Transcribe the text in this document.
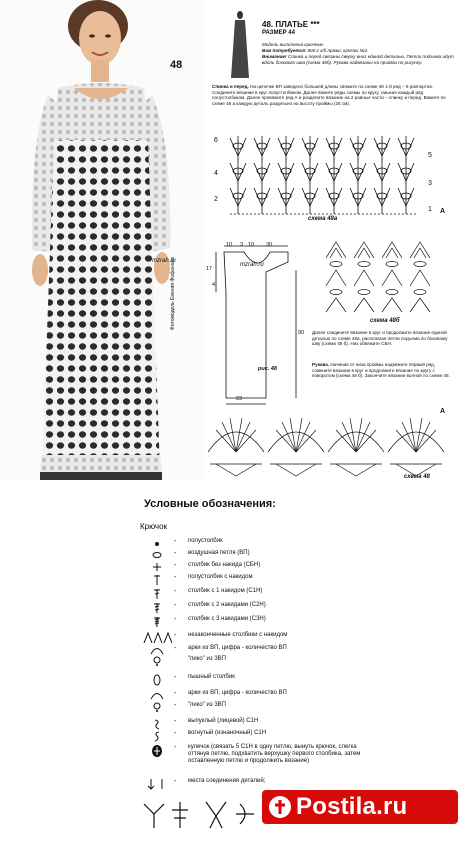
48
mzrah.ru
Фотомодель Евения Фофанова
48. ПЛАТЬЕ ***
РАЗМЕР 44
Модель выполнена крючком.
Вам потребуется: 800 г x/б пряжи; крючок №2.
Внимание! Спинка и перед связаны сверху вниз единой деталью. Петли подъема идут вдоль бокового шва (схема 48б). Рукава надвязаны на проймы по рисунку.
Спинка и перед. На цепочке ВП заведено большей длины свяжите по схеме 48 1-й ряд – 8 раппортов. Соедините вязание в круг полустолбиком. Далее вяжите ряды схемы по кругу, смыкая каждый ряд полустолбиком. Далее провяжите ряд А и разделите вязание на 2 равные части – спинку и перед. Вяжите по схеме 48 а каждую деталь раздельно на высоту проймы (26 см).
6
4
2
5
3
1 A
схема 48а
10 3 10 30
17
4
90
23
mzrah.ru
рис. 48
схема 48б
Далее соедините вязание в круг и продолжите вязание единой деталью по схеме 48а, располагая петли подъема по боковому шву (схема 48 б). Низ обвяжите СБН.
Рукава. Начиная от низа проймы надвяжите первый ряд, сомкните вязание в круг и продолжите вязание по кругу с поворотом (схема 48 б). Закончите вязание волной по схеме 48.
A
схема 48
Условные обозначения:
Крючок
-	полустолбик
-	воздушная петля (ВП)
-	столбик без накида (СБН)
-	полустолбик с накидом
-	столбик с 1 накидом (С1Н)
-	столбик с 2 накидами (С2Н)
-	столбик с 3 накидами (С3Н)
-	незаконченные столбики с накидом
-	арки из ВП, цифра - количество ВП
"пико" из 3ВП
-	пышный столбик
-	арки из ВП, цифра - количество ВП
-	"пико" из 3ВП
-	выпуклый (лицевой) С1Н
-	вогнутый (изнаночный) С1Н
-	кулечок (связать 5 С1Н в одну петлю, вынуть крючок, слегка оттянув петлю, подхватить верхушку первого столбика, затем оставленную петлю и продолжить вязание)
-	места соединения деталей;
Postila.ru
